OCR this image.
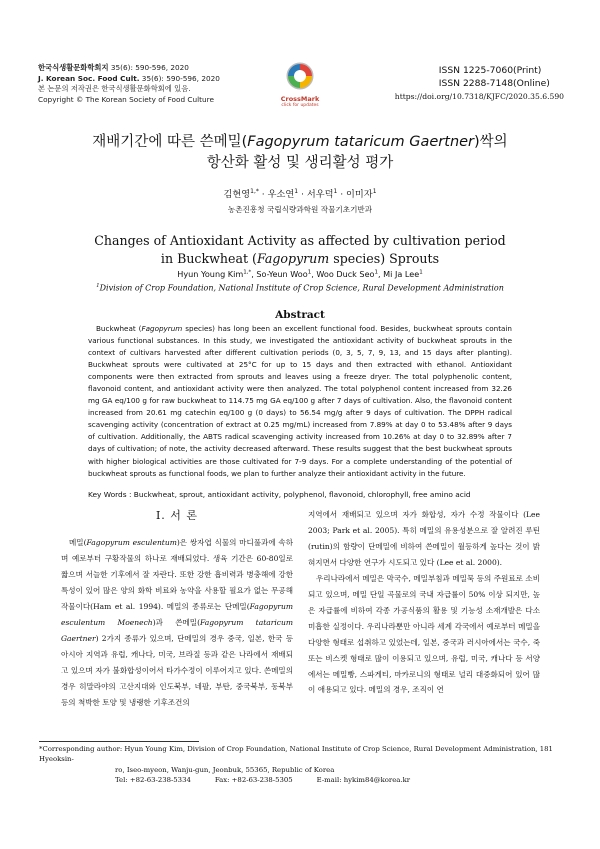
한국식생활문화학회지 35(6): 590-596, 2020
J. Korean Soc. Food Cult. 35(6): 590-596, 2020
본 논문의 저작권은 한국식생활문화학회에 있음.
Copyright © The Korean Society of Food Culture	CrossMark
click for updates
ISSN 1225-7060(Print)
ISSN 2288-7148(Online)
https://doi.org/10.7318/KJFC/2020.35.6.590
재배기간에 따른 쓴메밀(Fagopyrum tataricum Gaertner)싹의
항산화 활성 및 생리활성 평가
김현영$^{1,*}$ · 우소연$^1$ · 서우덕$^1$ · 이미자$^1$
농촌진흥청 국립식량과학원 작물기초기반과
Changes of Antioxidant Activity as affected by cultivation period
in Buckwheat (Fagopyrum species) Sprouts
Hyun Young Kim$^{1,*}$, So-Yeun Woo$^1$, Woo Duck Seo$^1$, Mi Ja Lee$^1$
$^1$Division of Crop Foundation, National Institute of Crop Science, Rural Development Administration
Abstract

Buckwheat (Fagopyrum species) has long been an excellent functional food. Besides, buckwheat sprouts contain various functional substances. In this study, we investigated the antioxidant activity of buckwheat sprouts in the context of cultivars harvested after different cultivation periods (0, 3, 5, 7, 9, 13, and 15 days after planting). Buckwheat sprouts were cultivated at 25°C for up to 15 days and then extracted with ethanol. Antioxidant components were then extracted from sprouts and leaves using a freeze dryer. The total polyphenolic content, flavonoid content, and antioxidant activity were then analyzed. The total polyphenol content increased from 32.26 mg GA eq/100 g for raw buckwheat to 114.75 mg GA eq/100 g after 7 days of cultivation. Also, the flavonoid content increased from 20.61 mg catechin eq/100 g (0 days) to 56.54 mg/g after 9 days of cultivation. The DPPH radical scavenging activity (concentration of extract at 0.25 mg/mL) increased from 7.89% at day 0 to 53.48% after 9 days of cultivation. Additionally, the ABTS radical scavenging activity increased from 10.26% at day 0 to 32.89% after 7 days of cultivation; of note, the activity decreased afterward. These results suggest that the best buckwheat sprouts with higher biological activities are those cultivated for 7-9 days. For a complete understanding of the potential of buckwheat sprouts as functional foods, we plan to further analyze their antioxidant activity in the future.

Key Words : Buckwheat, sprout, antioxidant activity, polyphenol, flavonoid, chlorophyll, free amino acid
Ⅰ. 서 론

메밀(Fagopyrum esculentum)은 쌍자엽 식물의 마디풀과에 속하며 예로부터 구황작물의 하나로 재배되었다. 생육 기간은 60-80일로 짧으며 서늘한 기후에서 잘 자란다. 또한 강한 흡비력과 병충해에 강한 특성이 있어 많은 양의 화학 비료와 농약을 사용할 필요가 없는 무공해 작물이다(Ham et al. 1994). 메밀의 종류로는 단메밀(Fagopyrum esculentum Moenech)과 쓴메밀(Fagopyrum tataricum Gaertner) 2가지 종류가 있으며, 단메밀의 경우 중국, 일본, 한국 등 아시아 지역과 유럽, 캐나다, 미국, 브라질 등과 같은 나라에서 재배되고 있으며 자가 불화합성이어서 타가수정이 이루어지고 있다. 쓴메밀의 경우 히말라야의 고산지대와 인도북부, 네팔, 부탄, 중국북부, 동북부 등의 척박한 토양 및 냉랭한 기후조건의

지역에서 재배되고 있으며 자가 화합성, 자가 수정 작물이다 (Lee 2003; Park et al. 2005). 특히 메밀의 유용성분으로 잘 알려진 루틴(rutin)의 함량이 단메밀에 비하여 쓴메밀이 월등하게 높다는 것이 밝혀지면서 다양한 연구가 시도되고 있다 (Lee et al. 2000).

우리나라에서 메밀은 막국수, 메밀부침과 메밀묵 등의 주원료로 소비되고 있으며, 메밀 단일 곡물로의 국내 자급률이 50% 이상 되지만, 높은 자급률에 비하여 각종 가공식품의 활용 및 기능성 소재개발은 다소 미흡한 실정이다. 우리나라뿐만 아니라 세계 각국에서 예로부터 메밀을 다양한 형태로 섭취하고 있었는데, 일본, 중국과 러시아에서는 국수, 죽 또는 비스켓 형태로 많이 이용되고 있으며, 유럽, 미국, 캐나다 등 서양에서는 메밀빵, 스파게티, 마카로니의 형태로 널리 대중화되어 있어 많이 애용되고 있다. 메밀의 경우, 조직이 연

*Corresponding author: Hyun Young Kim, Division of Crop Foundation, National Institute of Crop Science, Rural Development Administration, 181 Hyeoksin-
ro, Iseo-myeon, Wanju-gun, Jeonbuk, 55365, Republic of Korea
Tel: +82-63-238-5334	Fax: +82-63-238-5305	E-mail: hykim84@korea.kr
